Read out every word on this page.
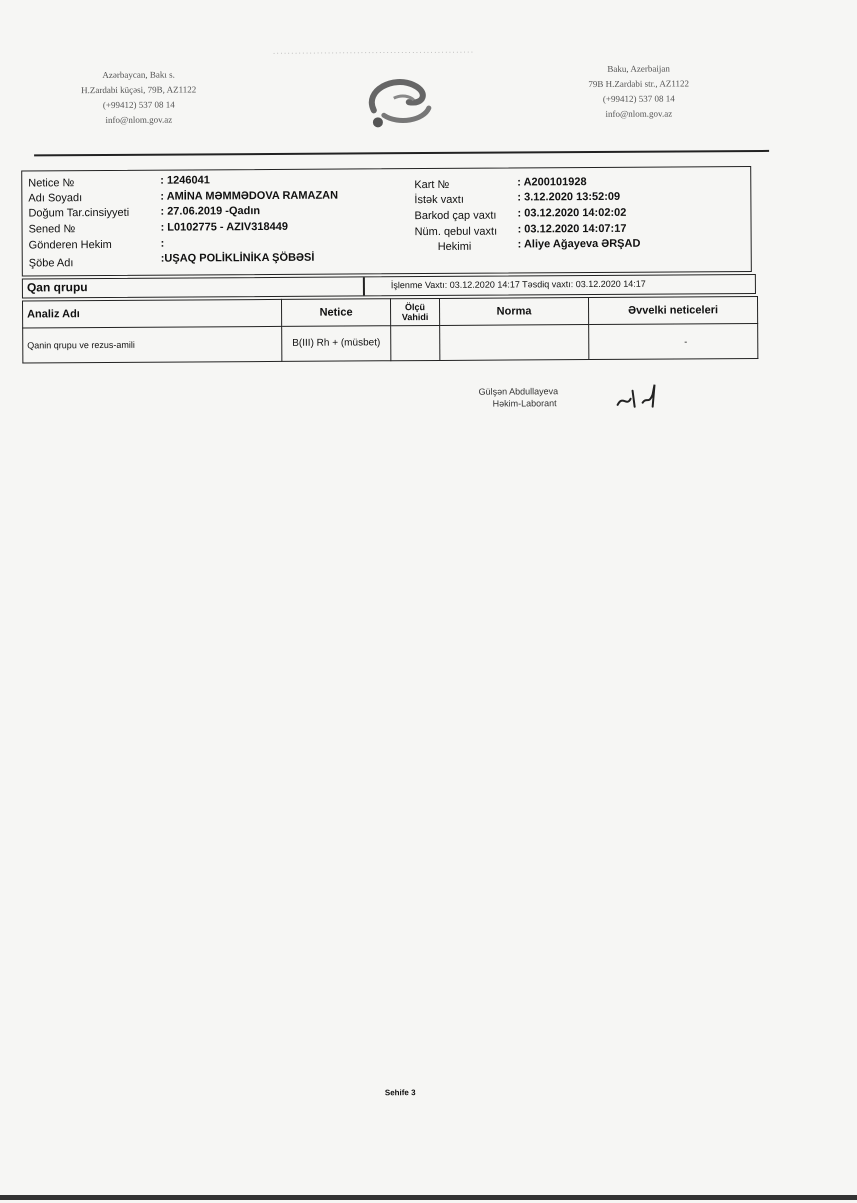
·······················································
Azərbaycan, Bakı s.
H.Zardabi küçəsi, 79B, AZ1122
(+99412) 537 08 14
info@nlom.gov.az
Baku, Azerbaijan
79B H.Zardabi str., AZ1122
(+99412) 537 08 14
info@nlom.gov.az
Netice №	: 1246041
Adı Soyadı	: AMİNA MƏMMƏDOVA RAMAZAN
Doğum Tar.cinsiyyeti	: 27.06.2019 -Qadın
Sened №	: L0102775 - AZIV318449
Gönderen Hekim	:
Şöbe Adı	:UŞAQ POLİKLİNİKA ŞÖBƏSİ
Kart №	: A200101928
İstək vaxtı	: 3.12.2020 13:52:09
Barkod çap vaxtı : 03.12.2020 14:02:02
Nüm. qebul vaxtı : 03.12.2020 14:07:17
Hekimi	: Aliye Ağayeva ƏRŞAD
Qan qrupu	İşlenme Vaxtı: 03.12.2020 14:17 Təsdiq vaxtı: 03.12.2020 14:17
Analiz Adı	Netice	Ölçü Vahidi	Norma	Əvvelki neticeleri
Qanin qrupu ve rezus-amili	B(III) Rh + (müsbet)			-
Gülşən Abdullayeva
Həkim-Laborant
Sehife 3
